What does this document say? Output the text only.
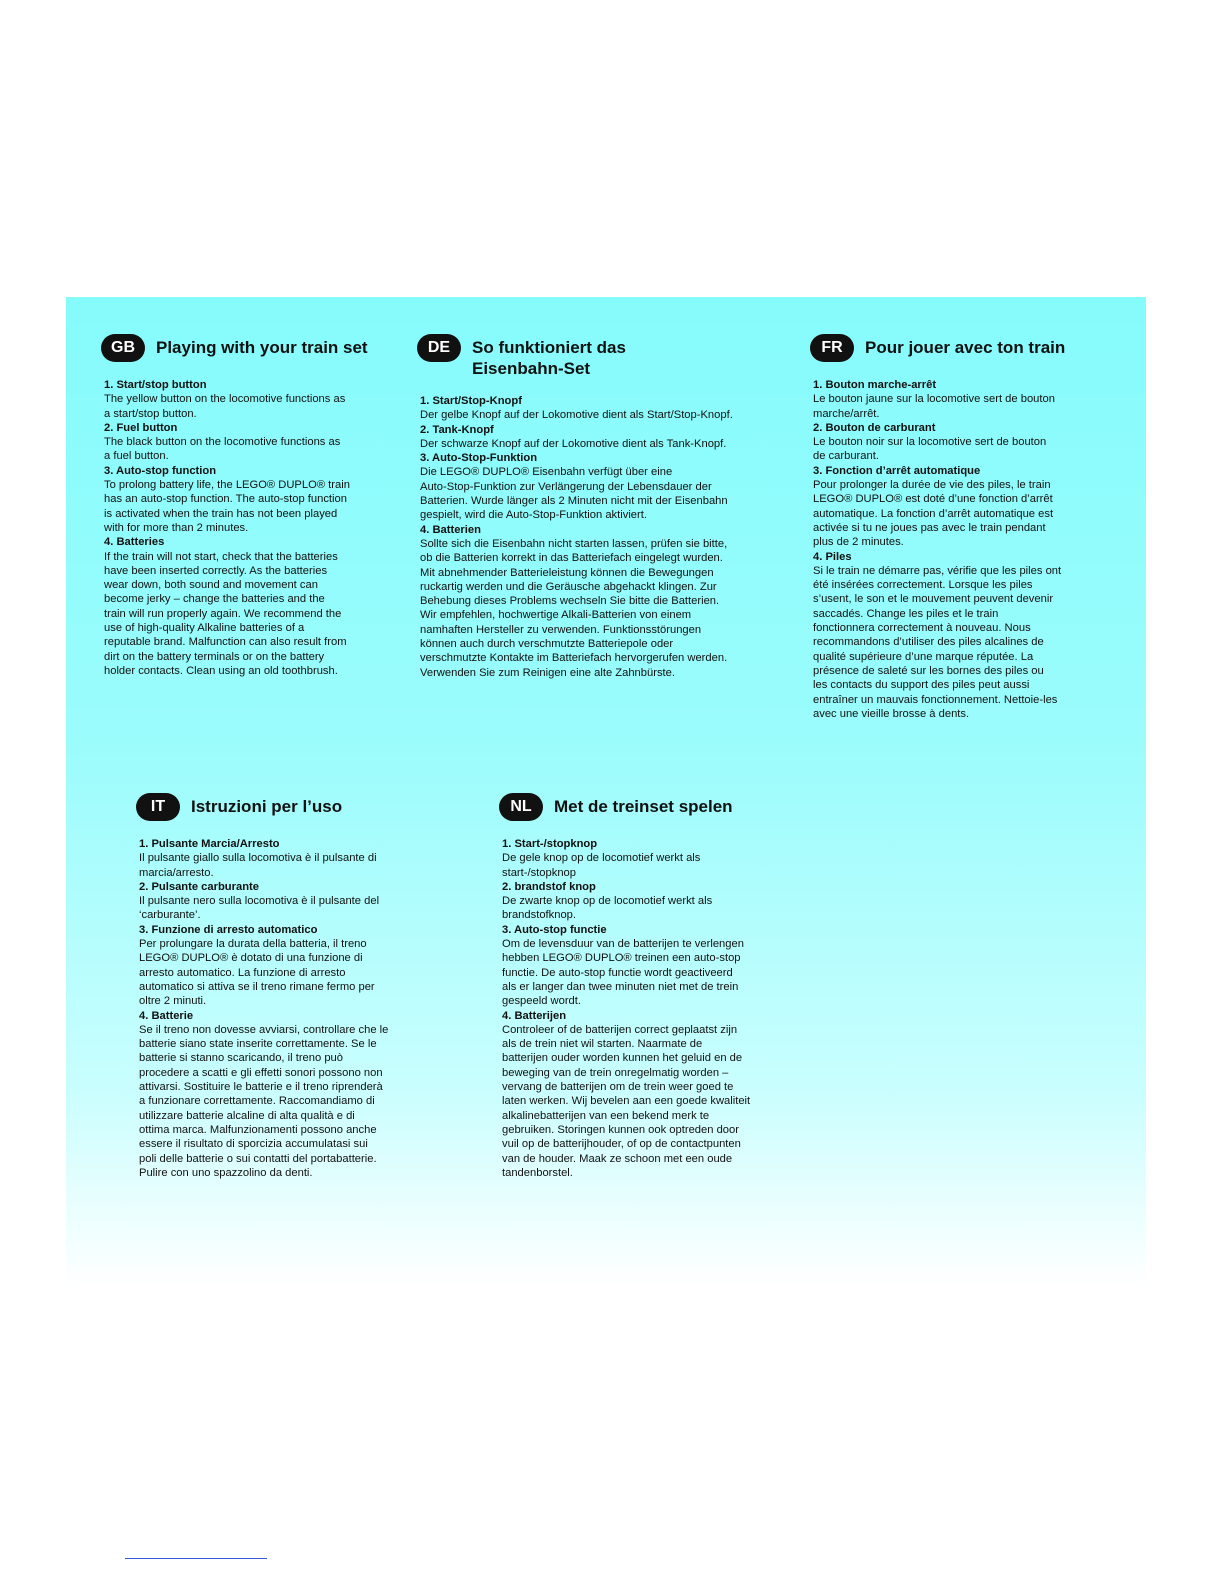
GB	Playing with your train set
1. Start/stop button
The yellow button on the locomotive functions as
a start/stop button.
2. Fuel button
The black button on the locomotive functions as
a fuel button.
3. Auto-stop function
To prolong battery life, the LEGO® DUPLO® train
has an auto-stop function. The auto-stop function
is activated when the train has not been played
with for more than 2 minutes.
4. Batteries
If the train will not start, check that the batteries
have been inserted correctly. As the batteries
wear down, both sound and movement can
become jerky – change the batteries and the
train will run properly again. We recommend the
use of high-quality Alkaline batteries of a
reputable brand. Malfunction can also result from
dirt on the battery terminals or on the battery
holder contacts. Clean using an old toothbrush.
DE	So funktioniert das
Eisenbahn-Set
1. Start/Stop-Knopf
Der gelbe Knopf auf der Lokomotive dient als Start/Stop-Knopf.
2. Tank-Knopf
Der schwarze Knopf auf der Lokomotive dient als Tank-Knopf.
3. Auto-Stop-Funktion
Die LEGO® DUPLO® Eisenbahn verfügt über eine
Auto-Stop-Funktion zur Verlängerung der Lebensdauer der
Batterien. Wurde länger als 2 Minuten nicht mit der Eisenbahn
gespielt, wird die Auto-Stop-Funktion aktiviert.
4. Batterien
Sollte sich die Eisenbahn nicht starten lassen, prüfen sie bitte,
ob die Batterien korrekt in das Batteriefach eingelegt wurden.
Mit abnehmender Batterieleistung können die Bewegungen
ruckartig werden und die Geräusche abgehackt klingen. Zur
Behebung dieses Problems wechseln Sie bitte die Batterien.
Wir empfehlen, hochwertige Alkali-Batterien von einem
namhaften Hersteller zu verwenden. Funktionsstörungen
können auch durch verschmutzte Batteriepole oder
verschmutzte Kontakte im Batteriefach hervorgerufen werden.
Verwenden Sie zum Reinigen eine alte Zahnbürste.
FR	Pour jouer avec ton train
1. Bouton marche-arrêt
Le bouton jaune sur la locomotive sert de bouton
marche/arrêt.
2. Bouton de carburant
Le bouton noir sur la locomotive sert de bouton
de carburant.
3. Fonction d’arrêt automatique
Pour prolonger la durée de vie des piles, le train
LEGO® DUPLO® est doté d’une fonction d’arrêt
automatique. La fonction d’arrêt automatique est
activée si tu ne joues pas avec le train pendant
plus de 2 minutes.
4. Piles
Si le train ne démarre pas, vérifie que les piles ont
été insérées correctement. Lorsque les piles
s’usent, le son et le mouvement peuvent devenir
saccadés. Change les piles et le train
fonctionnera correctement à nouveau. Nous
recommandons d’utiliser des piles alcalines de
qualité supérieure d’une marque réputée. La
présence de saleté sur les bornes des piles ou
les contacts du support des piles peut aussi
entraîner un mauvais fonctionnement. Nettoie-les
avec une vieille brosse à dents.
IT	Istruzioni per l’uso
1. Pulsante Marcia/Arresto
Il pulsante giallo sulla locomotiva è il pulsante di
marcia/arresto.
2. Pulsante carburante
Il pulsante nero sulla locomotiva è il pulsante del
‘carburante’.
3. Funzione di arresto automatico
Per prolungare la durata della batteria, il treno
LEGO® DUPLO® è dotato di una funzione di
arresto automatico. La funzione di arresto
automatico si attiva se il treno rimane fermo per
oltre 2 minuti.
4. Batterie
Se il treno non dovesse avviarsi, controllare che le
batterie siano state inserite correttamente. Se le
batterie si stanno scaricando, il treno può
procedere a scatti e gli effetti sonori possono non
attivarsi. Sostituire le batterie e il treno riprenderà
a funzionare correttamente. Raccomandiamo di
utilizzare batterie alcaline di alta qualità e di
ottima marca. Malfunzionamenti possono anche
essere il risultato di sporcizia accumulatasi sui
poli delle batterie o sui contatti del portabatterie.
Pulire con uno spazzolino da denti.
NL	Met de treinset spelen
1. Start-/stopknop
De gele knop op de locomotief werkt als
start-/stopknop
2. brandstof knop
De zwarte knop op de locomotief werkt als
brandstofknop.
3. Auto-stop functie
Om de levensduur van de batterijen te verlengen
hebben LEGO® DUPLO® treinen een auto-stop
functie. De auto-stop functie wordt geactiveerd
als er langer dan twee minuten niet met de trein
gespeeld wordt.
4. Batterijen
Controleer of de batterijen correct geplaatst zijn
als de trein niet wil starten. Naarmate de
batterijen ouder worden kunnen het geluid en de
beweging van de trein onregelmatig worden –
vervang de batterijen om de trein weer goed te
laten werken. Wij bevelen aan een goede kwaliteit
alkalinebatterijen van een bekend merk te
gebruiken. Storingen kunnen ook optreden door
vuil op de batterijhouder, of op de contactpunten
van de houder. Maak ze schoon met een oude
tandenborstel.
